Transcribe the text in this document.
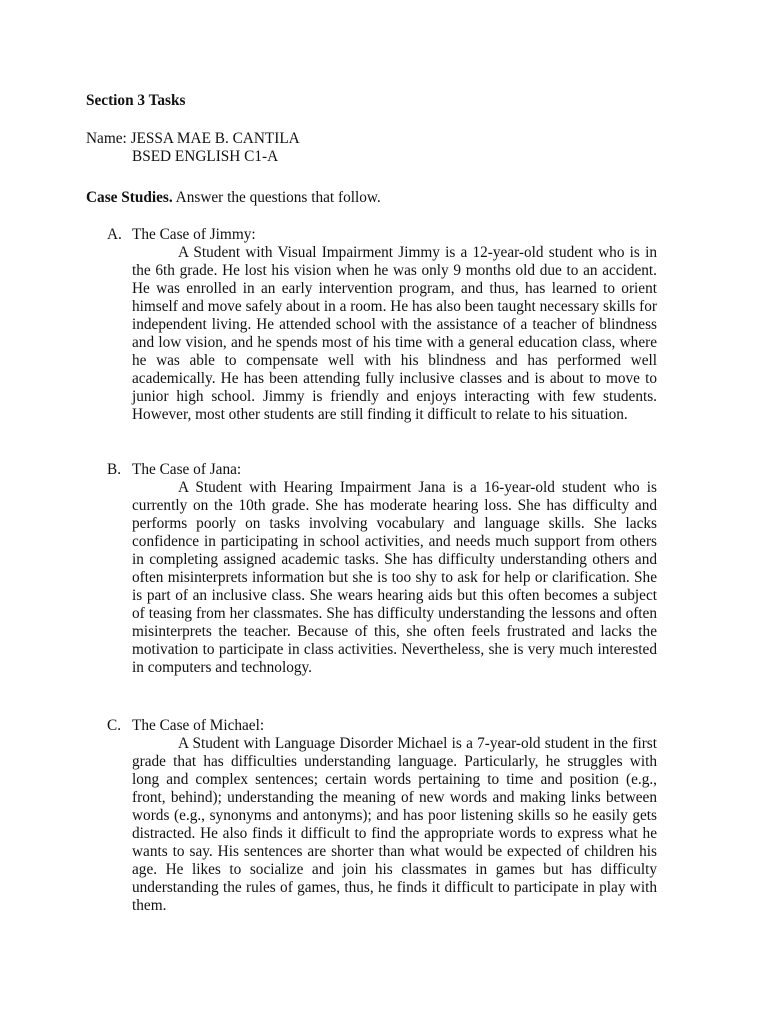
Section 3 Tasks
Name: JESSA MAE B. CANTILA
BSED ENGLISH C1-A
Case Studies. Answer the questions that follow.
A. The Case of Jimmy:

A Student with Visual Impairment Jimmy is a 12-year-old student who is in the 6th grade. He lost his vision when he was only 9 months old due to an accident. He was enrolled in an early intervention program, and thus, has learned to orient himself and move safely about in a room. He has also been taught necessary skills for independent living. He attended school with the assistance of a teacher of blindness and low vision, and he spends most of his time with a general education class, where he was able to compensate well with his blindness and has performed well academically. He has been attending fully inclusive classes and is about to move to junior high school. Jimmy is friendly and enjoys interacting with few students. However, most other students are still finding it difficult to relate to his situation.

B. The Case of Jana:

A Student with Hearing Impairment Jana is a 16-year-old student who is currently on the 10th grade. She has moderate hearing loss. She has difficulty and performs poorly on tasks involving vocabulary and language skills. She lacks confidence in participating in school activities, and needs much support from others in completing assigned academic tasks. She has difficulty understanding others and often misinterprets information but she is too shy to ask for help or clarification. She is part of an inclusive class. She wears hearing aids but this often becomes a subject of teasing from her classmates. She has difficulty understanding the lessons and often misinterprets the teacher. Because of this, she often feels frustrated and lacks the motivation to participate in class activities. Nevertheless, she is very much interested in computers and technology.

C. The Case of Michael:

A Student with Language Disorder Michael is a 7-year-old student in the first grade that has difficulties understanding language. Particularly, he struggles with long and complex sentences; certain words pertaining to time and position (e.g., front, behind); understanding the meaning of new words and making links between words (e.g., synonyms and antonyms); and has poor listening skills so he easily gets distracted. He also finds it difficult to find the appropriate words to express what he wants to say. His sentences are shorter than what would be expected of children his age. He likes to socialize and join his classmates in games but has difficulty understanding the rules of games, thus, he finds it difficult to participate in play with them.
